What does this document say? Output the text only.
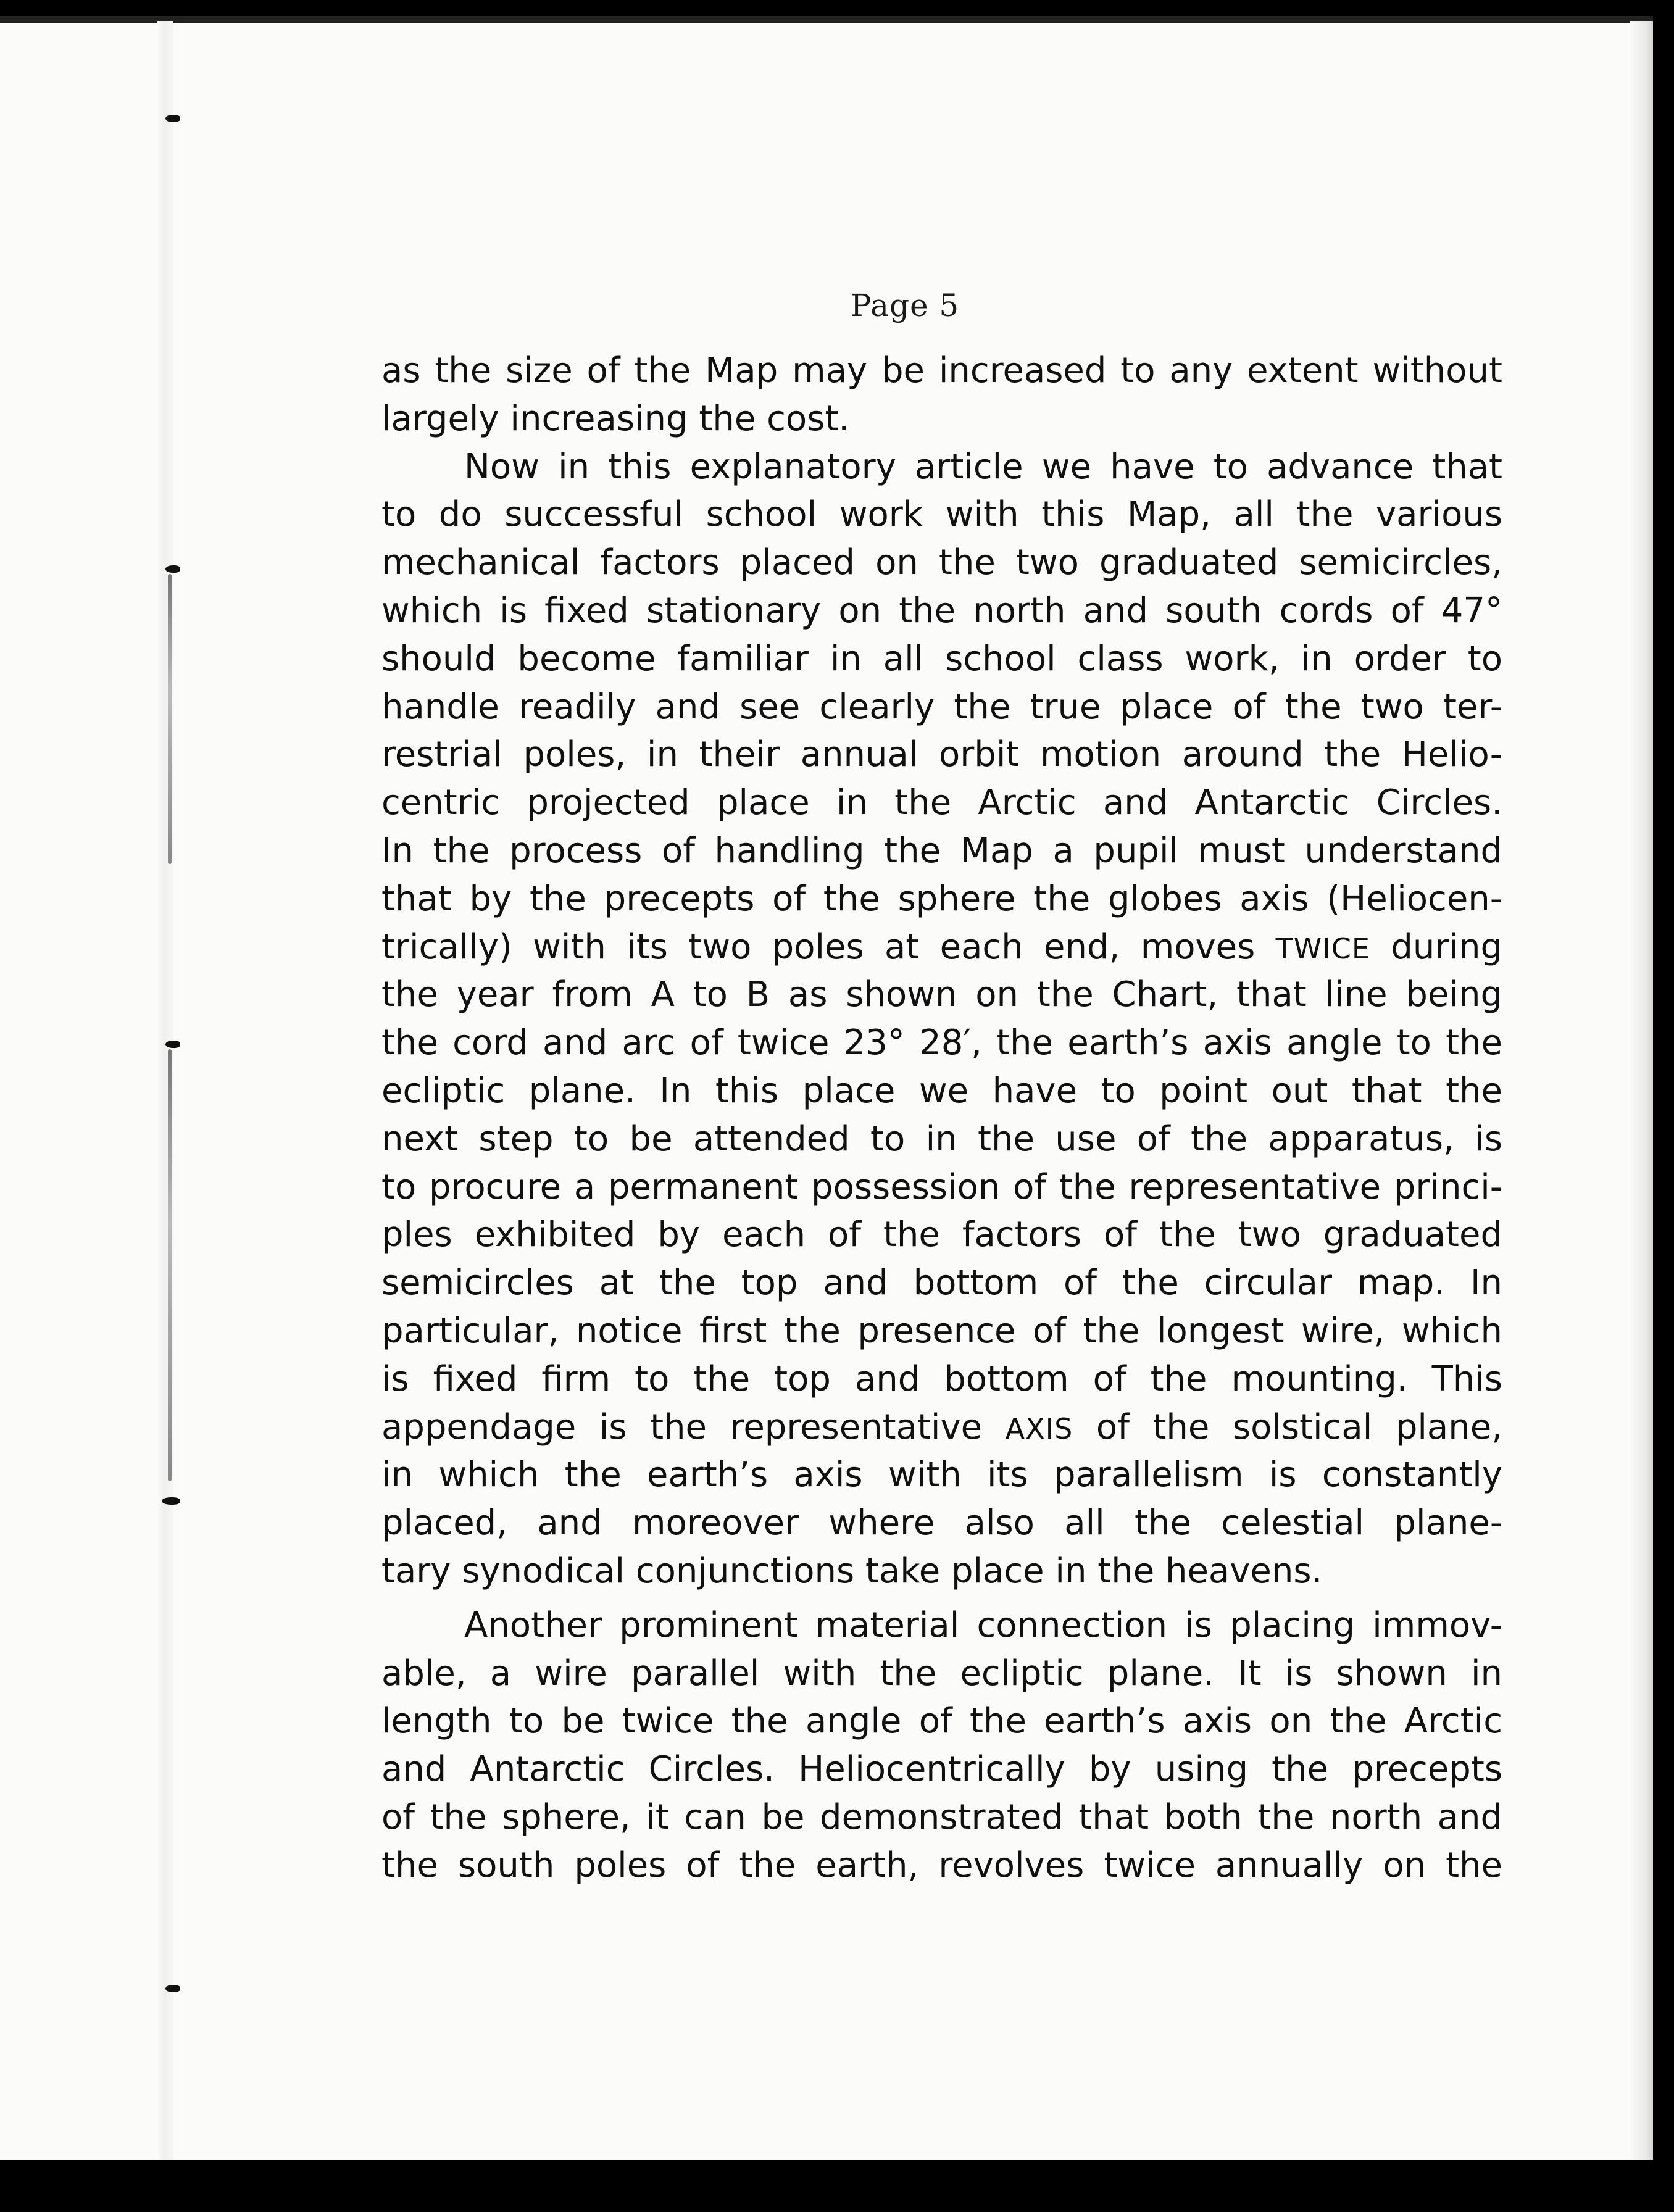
Page 5
as the size of the Map may be increased to any extent without
largely increasing the cost.
Now in this explanatory article we have to advance that
to do successful school work with this Map, all the various
mechanical factors placed on the two graduated semicircles,
which is fixed stationary on the north and south cords of 47°
should become familiar in all school class work, in order to
handle readily and see clearly the true place of the two ter-
restrial poles, in their annual orbit motion around the Helio-
centric projected place in the Arctic and Antarctic Circles.
In the process of handling the Map a pupil must understand
that by the precepts of the sphere the globes axis (Heliocen-
trically) with its two poles at each end, moves TWICE during
the year from A to B as shown on the Chart, that line being
the cord and arc of twice 23° 28′, the earth’s axis angle to the
ecliptic plane. In this place we have to point out that the
next step to be attended to in the use of the apparatus, is
to procure a permanent possession of the representative princi-
ples exhibited by each of the factors of the two graduated
semicircles at the top and bottom of the circular map. In
particular, notice first the presence of the longest wire, which
is fixed firm to the top and bottom of the mounting. This
appendage is the representative AXIS of the solstical plane,
in which the earth’s axis with its parallelism is constantly
placed, and moreover where also all the celestial plane-
tary synodical conjunctions take place in the heavens.
Another prominent material connection is placing immov-
able, a wire parallel with the ecliptic plane. It is shown in
length to be twice the angle of the earth’s axis on the Arctic
and Antarctic Circles. Heliocentrically by using the precepts
of the sphere, it can be demonstrated that both the north and
the south poles of the earth, revolves twice annually on the
